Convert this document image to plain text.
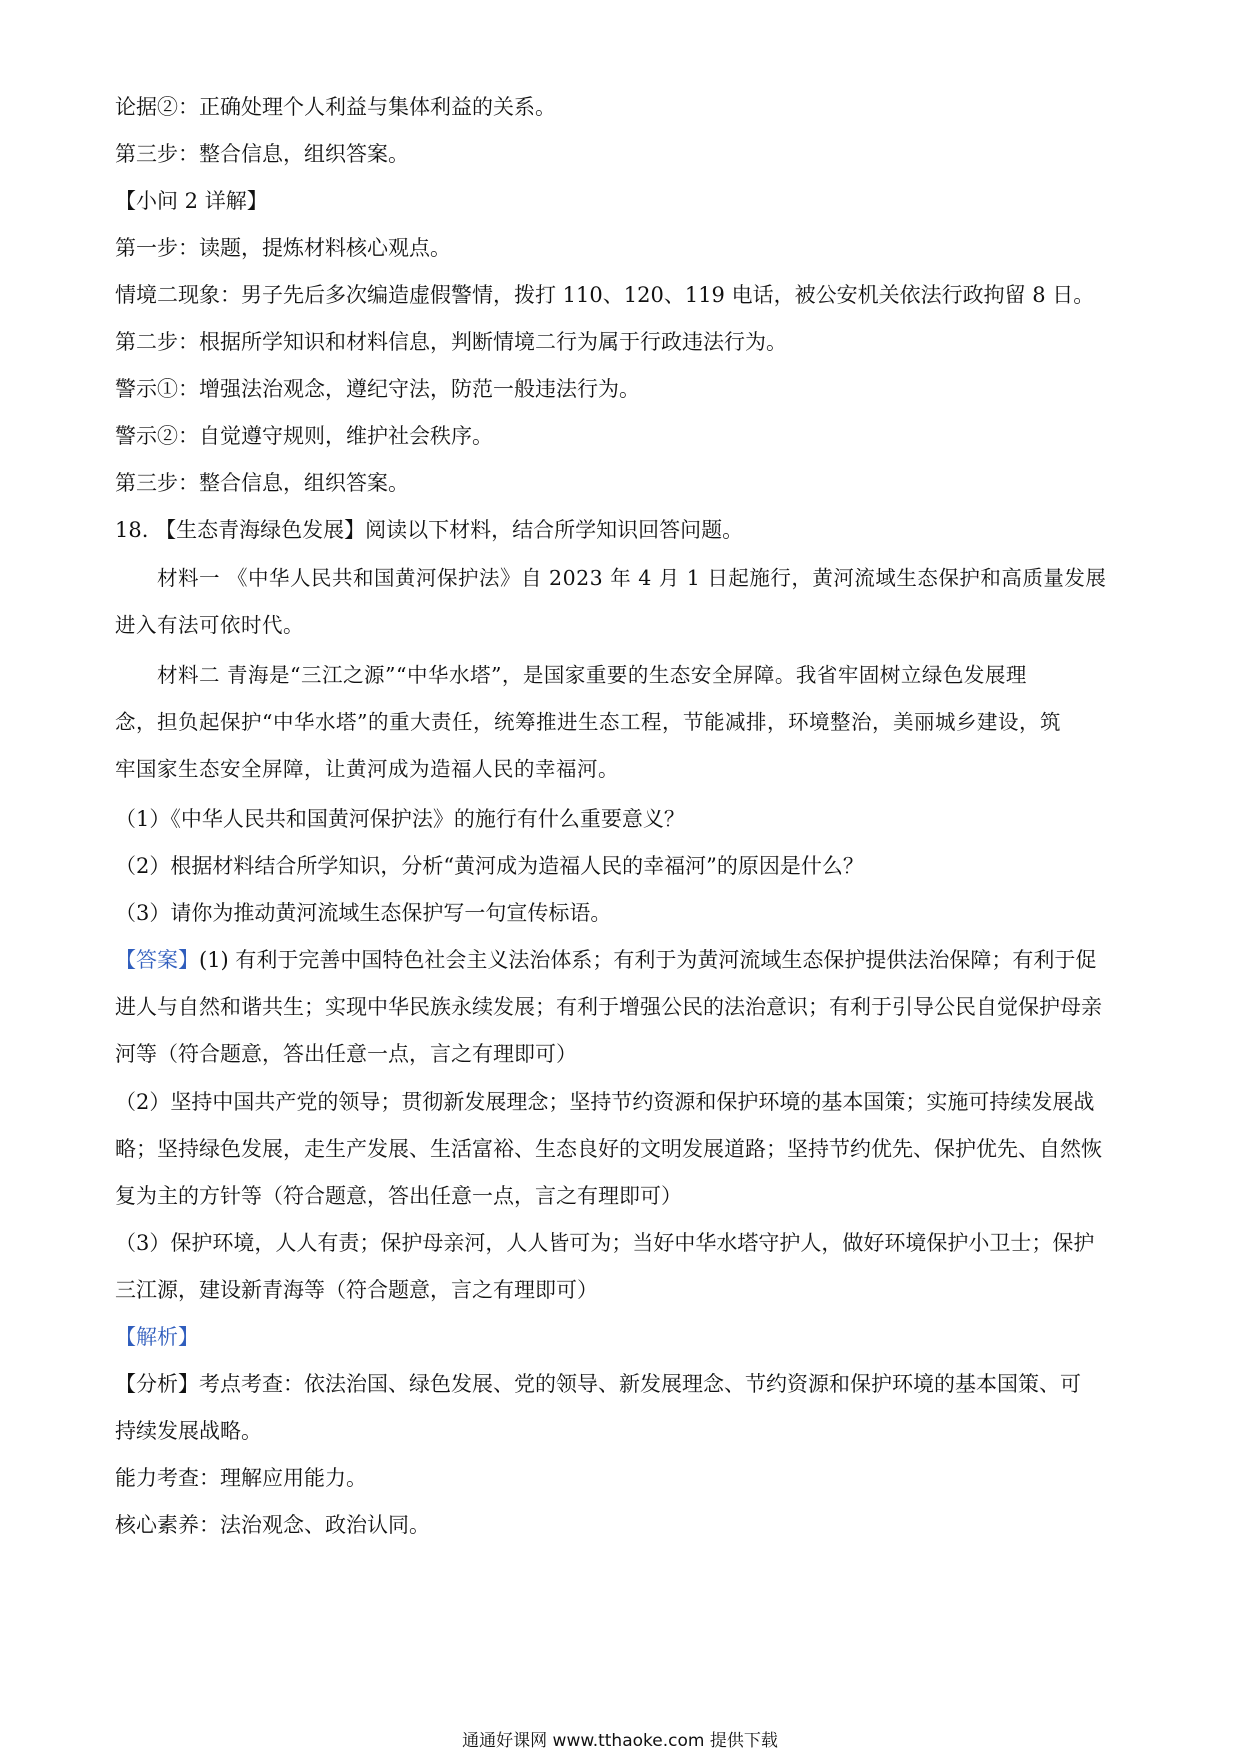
论据②：正确处理个人利益与集体利益的关系。
第三步：整合信息，组织答案。
【小问 2 详解】
第一步：读题，提炼材料核心观点。
情境二现象：男子先后多次编造虚假警情，拨打 110、120、119 电话，被公安机关依法行政拘留 8 日。
第二步：根据所学知识和材料信息，判断情境二行为属于行政违法行为。
警示①：增强法治观念，遵纪守法，防范一般违法行为。
警示②：自觉遵守规则，维护社会秩序。
第三步：整合信息，组织答案。
18. 【生态青海绿色发展】阅读以下材料，结合所学知识回答问题。
材料一 《中华人民共和国黄河保护法》自 2023 年 4 月 1 日起施行，黄河流域生态保护和高质量发展
进入有法可依时代。
材料二 青海是“三江之源”“中华水塔”，是国家重要的生态安全屏障。我省牢固树立绿色发展理
念，担负起保护“中华水塔”的重大责任，统筹推进生态工程，节能减排，环境整治，美丽城乡建设，筑
牢国家生态安全屏障，让黄河成为造福人民的幸福河。
（1）《中华人民共和国黄河保护法》的施行有什么重要意义？
（2）根据材料结合所学知识，分析“黄河成为造福人民的幸福河”的原因是什么？
（3）请你为推动黄河流域生态保护写一句宣传标语。
【答案】(1) 有利于完善中国特色社会主义法治体系；有利于为黄河流域生态保护提供法治保障；有利于促
进人与自然和谐共生；实现中华民族永续发展；有利于增强公民的法治意识；有利于引导公民自觉保护母亲
河等（符合题意，答出任意一点，言之有理即可）
（2）坚持中国共产党的领导；贯彻新发展理念；坚持节约资源和保护环境的基本国策；实施可持续发展战
略；坚持绿色发展，走生产发展、生活富裕、生态良好的文明发展道路；坚持节约优先、保护优先、自然恢
复为主的方针等（符合题意，答出任意一点，言之有理即可）
（3）保护环境，人人有责；保护母亲河，人人皆可为；当好中华水塔守护人，做好环境保护小卫士；保护
三江源，建设新青海等（符合题意，言之有理即可）
【解析】
【分析】考点考查：依法治国、绿色发展、党的领导、新发展理念、节约资源和保护环境的基本国策、可
持续发展战略。
能力考查：理解应用能力。
核心素养：法治观念、政治认同。
通通好课网 www.tthaoke.com 提供下载
